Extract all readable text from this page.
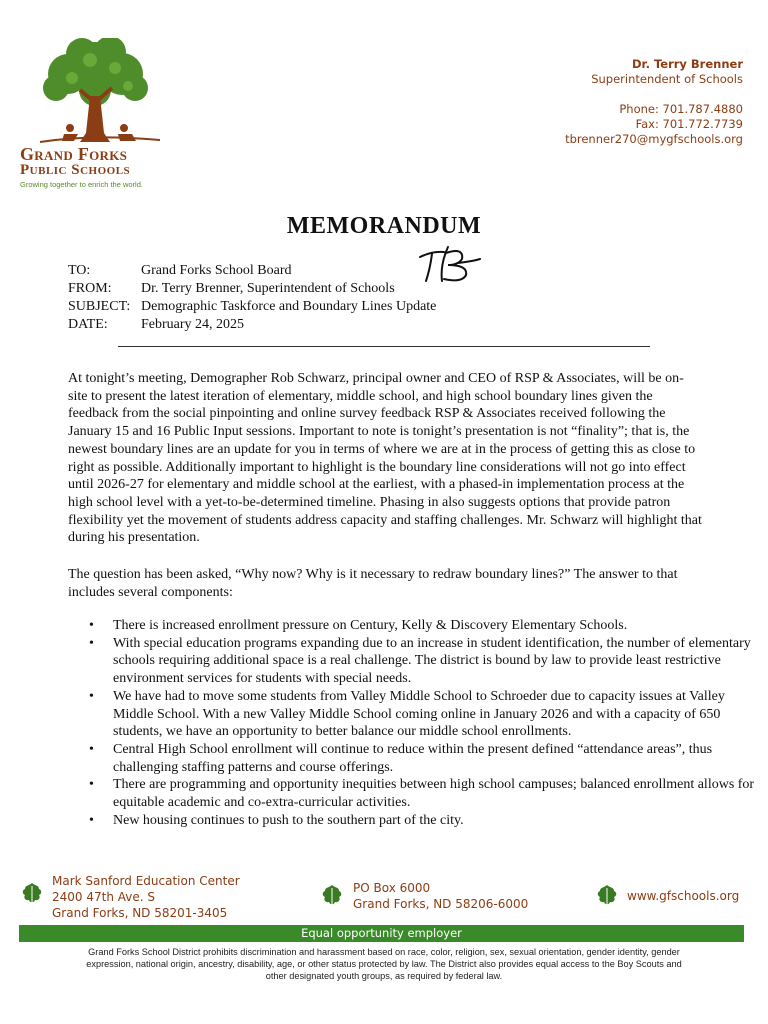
Grand Forks
Public Schools
Growing together to enrich the world.
Dr. Terry Brenner
Superintendent of Schools
Phone: 701.787.4880
Fax: 701.772.7739
tbrenner270@mygfschools.org
MEMORANDUM
TO:	Grand Forks School Board
FROM: Dr. Terry Brenner, Superintendent of Schools
SUBJECT: Demographic Taskforce and Boundary Lines Update
DATE: February 24, 2025
At tonight’s meeting, Demographer Rob Schwarz, principal owner and CEO of RSP & Associates, will be on-site to present the latest iteration of elementary, middle school, and high school boundary lines given the feedback from the social pinpointing and online survey feedback RSP & Associates received following the January 15 and 16 Public Input sessions. Important to note is tonight’s presentation is not “finality”; that is, the newest boundary lines are an update for you in terms of where we are at in the process of getting this as close to right as possible. Additionally important to highlight is the boundary line considerations will not go into effect until 2026-27 for elementary and middle school at the earliest, with a phased-in implementation process at the high school level with a yet-to-be-determined timeline. Phasing in also suggests options that provide patron flexibility yet the movement of students address capacity and staffing challenges. Mr. Schwarz will highlight that during his presentation.
The question has been asked, “Why now? Why is it necessary to redraw boundary lines?” The answer to that includes several components:
• There is increased enrollment pressure on Century, Kelly & Discovery Elementary Schools.
• With special education programs expanding due to an increase in student identification, the number of elementary schools requiring additional space is a real challenge. The district is bound by law to provide least restrictive environment services for students with special needs.
• We have had to move some students from Valley Middle School to Schroeder due to capacity issues at Valley Middle School. With a new Valley Middle School coming online in January 2026 and with a capacity of 650 students, we have an opportunity to better balance our middle school enrollments.
• Central High School enrollment will continue to reduce within the present defined “attendance areas”, thus challenging staffing patterns and course offerings.
• There are programming and opportunity inequities between high school campuses; balanced enrollment allows for equitable academic and co-extra-curricular activities.
• New housing continues to push to the southern part of the city.
Mark Sanford Education Center
2400 47th Ave. S
Grand Forks, ND 58201-3405
PO Box 6000
Grand Forks, ND 58206-6000
www.gfschools.org
Equal opportunity employer
Grand Forks School District prohibits discrimination and harassment based on race, color, religion, sex, sexual orientation, gender identity, gender expression, national origin, ancestry, disability, age, or other status protected by law. The District also provides equal access to the Boy Scouts and other designated youth groups, as required by federal law.
